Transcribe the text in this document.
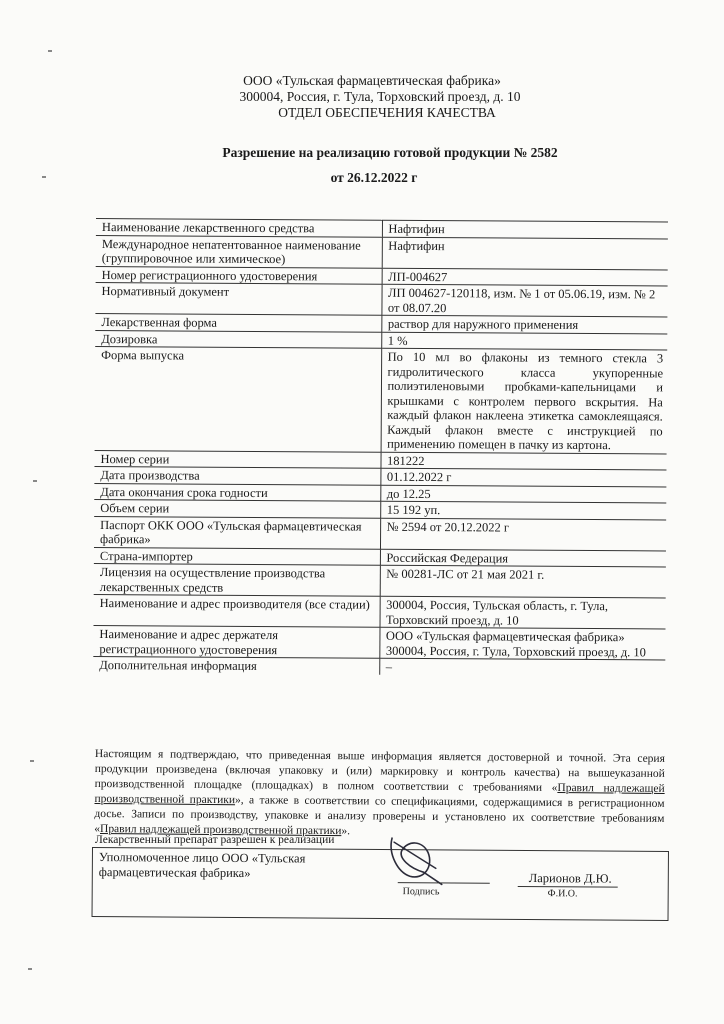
ООО «Тульская фармацевтическая фабрика»
300004, Россия, г. Тула, Торховский проезд, д. 10
ОТДЕЛ ОБЕСПЕЧЕНИЯ КАЧЕСТВА
Разрешение на реализацию готовой продукции № 2582
от 26.12.2022 г
Наименование лекарственного средства	Нафтифин
Международное непатентованное наименование (группировочное или химическое)	Нафтифин
Номер регистрационного удостоверения	ЛП-004627
Нормативный документ	ЛП 004627-120118, изм. № 1 от 05.06.19, изм. № 2 от 08.07.20
Лекарственная форма	раствор для наружного применения
Дозировка	1 %
Форма выпуска	По 10 мл во флаконы из темного стекла 3 гидролитического класса укупоренные полиэтиленовыми пробками-капельницами и крышками с контролем первого вскрытия. На каждый флакон наклеена этикетка самоклеящаяся. Каждый флакон вместе с инструкцией по применению помещен в пачку из картона.
Номер серии	181222
Дата производства	01.12.2022 г
Дата окончания срока годности	до 12.25
Объем серии	15 192 уп.
Паспорт ОКК ООО «Тульская фармацевтическая фабрика»	№ 2594 от 20.12.2022 г
Страна-импортер	Российская Федерация
Лицензия на осуществление производства лекарственных средств	№ 00281-ЛС от 21 мая 2021 г.
Наименование и адрес производителя (все стадии)	300004, Россия, Тульская область, г. Тула, Торховский проезд, д. 10
Наименование и адрес держателя регистрационного удостоверения	ООО «Тульская фармацевтическая фабрика» 300004, Россия, г. Тула, Торховский проезд, д. 10
Дополнительная информация	–
Настоящим я подтверждаю, что приведенная выше информация является достоверной и точной. Эта серия продукции произведена (включая упаковку и (или) маркировку и контроль качества) на вышеуказанной производственной площадке (площадках) в полном соответствии с требованиями «Правил надлежащей производственной практики», а также в соответствии со спецификациями, содержащимися в регистрационном досье. Записи по производству, упаковке и анализу проверены и установлено их соответствие требованиям «Правил надлежащей производственной практики».
Лекарственный препарат разрешен к реализации
Уполномоченное лицо ООО «Тульская фармацевтическая фабрика»
Подпись
Ларионов Д.Ю.
Ф.И.О.
